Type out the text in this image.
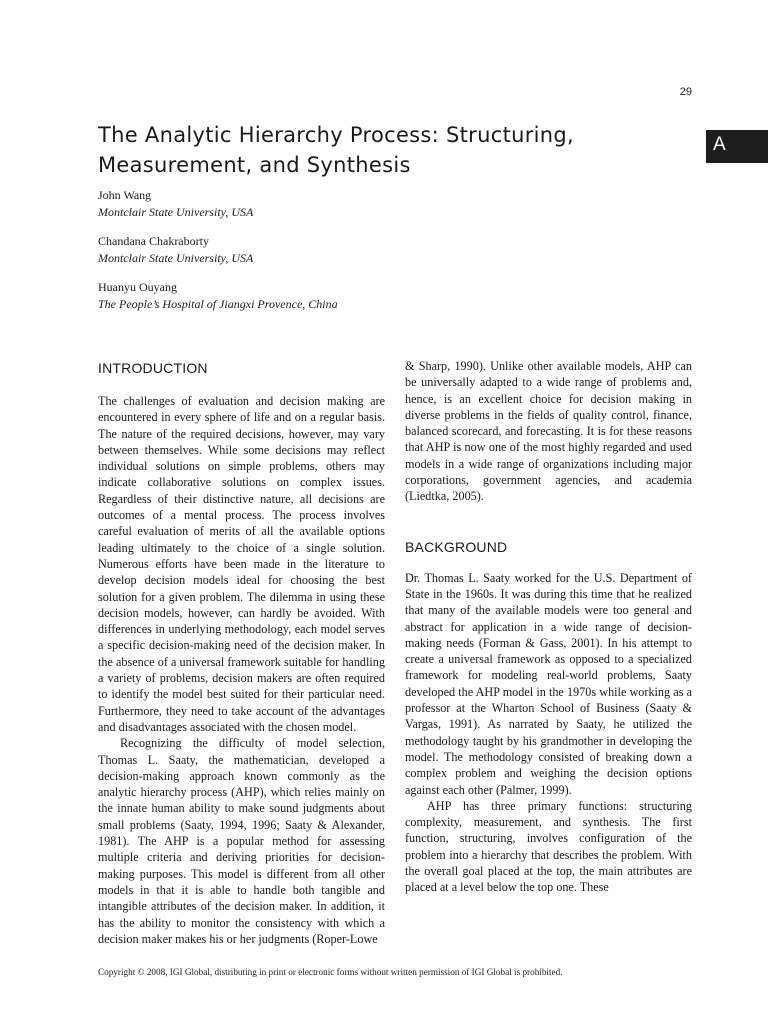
29
A
The Analytic Hierarchy Process: Structuring,
Measurement, and Synthesis
John Wang
Montclair State University, USA
Chandana Chakraborty
Montclair State University, USA
Huanyu Ouyang
The People’s Hospital of Jiangxi Provence, China
INTRODUCTION

The challenges of evaluation and decision making are encountered in every sphere of life and on a regular basis. The nature of the required decisions, however, may vary between themselves. While some decisions may reflect individual solutions on simple problems, others may indicate collaborative solutions on complex issues. Regardless of their distinctive nature, all decisions are outcomes of a mental process. The process involves careful evaluation of merits of all the available options leading ultimately to the choice of a single solution. Numerous efforts have been made in the literature to develop decision models ideal for choosing the best solution for a given problem. The dilemma in using these decision models, however, can hardly be avoided. With differences in underlying methodology, each model serves a specific decision-making need of the decision maker. In the absence of a universal framework suitable for handling a variety of problems, decision makers are often required to identify the model best suited for their particular need. Furthermore, they need to take account of the advantages and disadvantages associated with the chosen model.

Recognizing the difficulty of model selection, Thomas L. Saaty, the mathematician, developed a decision-making approach known commonly as the analytic hierarchy process (AHP), which relies mainly on the innate human ability to make sound judgments about small problems (Saaty, 1994, 1996; Saaty & Alexander, 1981). The AHP is a popular method for assessing multiple criteria and deriving priorities for decision-making purposes. This model is different from all other models in that it is able to handle both tangible and intangible attributes of the decision maker. In addition, it has the ability to monitor the consistency with which a decision maker makes his or her judgments (Roper-Lowe

& Sharp, 1990). Unlike other available models, AHP can be universally adapted to a wide range of problems and, hence, is an excellent choice for decision making in diverse problems in the fields of quality control, finance, balanced scorecard, and forecasting. It is for these reasons that AHP is now one of the most highly regarded and used models in a wide range of organizations including major corporations, government agencies, and academia (Liedtka, 2005).

BACKGROUND

Dr. Thomas L. Saaty worked for the U.S. Department of State in the 1960s. It was during this time that he realized that many of the available models were too general and abstract for application in a wide range of decision-making needs (Forman & Gass, 2001). In his attempt to create a universal framework as opposed to a specialized framework for modeling real-world problems, Saaty developed the AHP model in the 1970s while working as a professor at the Wharton School of Business (Saaty & Vargas, 1991). As narrated by Saaty, he utilized the methodology taught by his grandmother in developing the model. The methodology consisted of breaking down a complex problem and weighing the decision options against each other (Palmer, 1999).

AHP has three primary functions: structuring complexity, measurement, and synthesis. The first function, structuring, involves configuration of the problem into a hierarchy that describes the problem. With the overall goal placed at the top, the main attributes are placed at a level below the top one. These

Copyright © 2008, IGI Global, distributing in print or electronic forms without written permission of IGI Global is prohibited.
